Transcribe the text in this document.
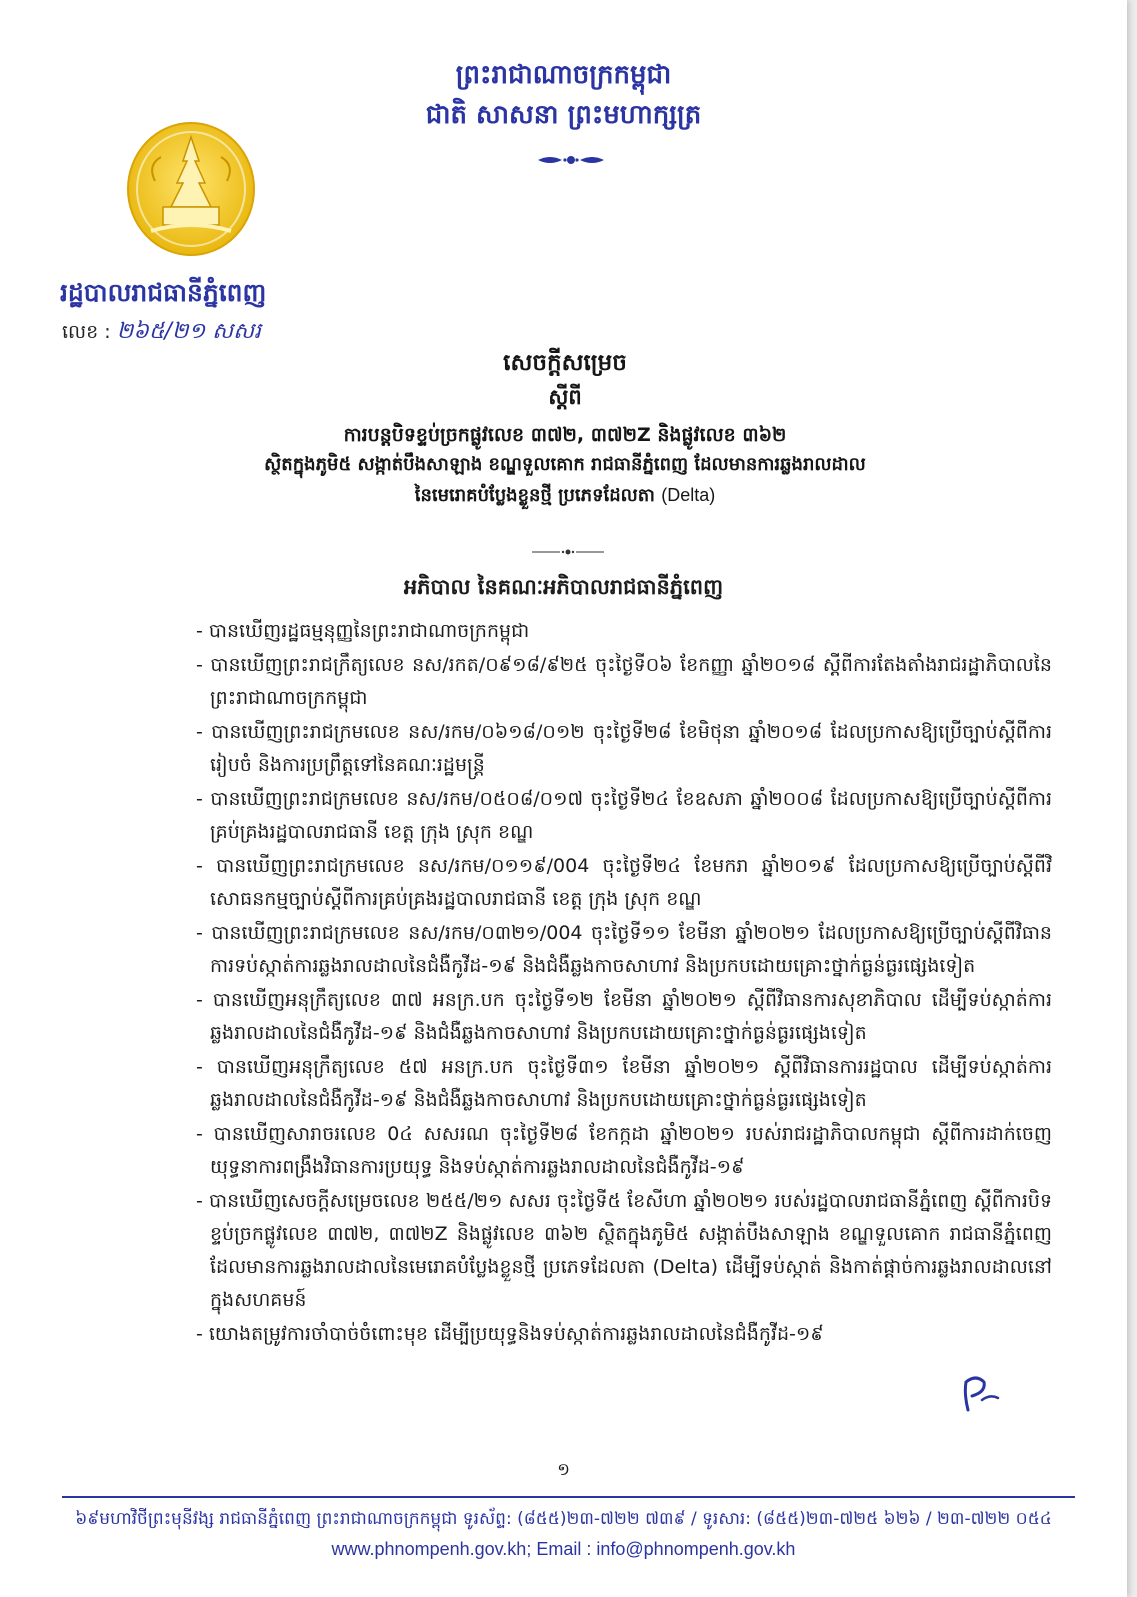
ព្រះរាជាណាចក្រកម្ពុជា
ជាតិ សាសនា ព្រះមហាក្សត្រ
រដ្ឋបាលរាជធានីភ្នំពេញ
លេខ : ២៦៥/២១ សសរ
សេចក្តីសម្រេច
ស្តីពី
ការបន្តបិទខ្ទប់ច្រកផ្លូវលេខ ៣៧២, ៣៧២Z និងផ្លូវលេខ ៣៦២
ស្ថិតក្នុងភូមិ៥ សង្កាត់បឹងសាឡាង ខណ្ឌទួលគោក រាជធានីភ្នំពេញ ដែលមានការឆ្លងរាលដាល
នៃមេរោគបំប្លែងខ្លួនថ្មី ប្រភេទដែលតា (Delta)
អភិបាល នៃគណៈអភិបាលរាជធានីភ្នំពេញ
- បានឃើញរដ្ឋធម្មនុញ្ញនៃព្រះរាជាណាចក្រកម្ពុជា
- បានឃើញព្រះរាជក្រឹត្យលេខ នស/រកត/០៩១៨/៩២៥ ចុះថ្ងៃទី០៦ ខែកញ្ញា ឆ្នាំ២០១៨ ស្តីពីការតែងតាំងរាជរដ្ឋាភិបាលនៃព្រះរាជាណាចក្រកម្ពុជា
- បានឃើញព្រះរាជក្រមលេខ នស/រកម/០៦១៨/០១២ ចុះថ្ងៃទី២៨ ខែមិថុនា ឆ្នាំ២០១៨ ដែលប្រកាសឱ្យប្រើច្បាប់ស្តីពីការរៀបចំ និងការប្រព្រឹត្តទៅនៃគណៈរដ្ឋមន្ត្រី
- បានឃើញព្រះរាជក្រមលេខ នស/រកម/០៥០៨/០១៧ ចុះថ្ងៃទី២៤ ខែឧសភា ឆ្នាំ២០០៨ ដែលប្រកាសឱ្យប្រើច្បាប់ស្តីពីការគ្រប់គ្រងរដ្ឋបាលរាជធានី ខេត្ត ក្រុង ស្រុក ខណ្ឌ
- បានឃើញព្រះរាជក្រមលេខ នស/រកម/០១១៩/004 ចុះថ្ងៃទី២៤ ខែមករា ឆ្នាំ២០១៩ ដែលប្រកាសឱ្យប្រើច្បាប់ស្តីពីវិសោធនកម្មច្បាប់ស្តីពីការគ្រប់គ្រងរដ្ឋបាលរាជធានី ខេត្ត ក្រុង ស្រុក ខណ្ឌ
- បានឃើញព្រះរាជក្រមលេខ នស/រកម/០៣២១/004 ចុះថ្ងៃទី១១ ខែមីនា ឆ្នាំ២០២១ ដែលប្រកាសឱ្យប្រើច្បាប់ស្តីពីវិធានការទប់ស្កាត់ការឆ្លងរាលដាលនៃជំងឺកូវីដ-១៩ និងជំងឺឆ្លងកាចសាហាវ និងប្រកបដោយគ្រោះថ្នាក់ធ្ងន់ធ្ងរផ្សេងទៀត
- បានឃើញអនុក្រឹត្យលេខ ៣៧ អនក្រ.បក ចុះថ្ងៃទី១២ ខែមីនា ឆ្នាំ២០២១ ស្តីពីវិធានការសុខាភិបាល ដើម្បីទប់ស្កាត់ការឆ្លងរាលដាលនៃជំងឺកូវីដ-១៩ និងជំងឺឆ្លងកាចសាហាវ និងប្រកបដោយគ្រោះថ្នាក់ធ្ងន់ធ្ងរផ្សេងទៀត
- បានឃើញអនុក្រឹត្យលេខ ៥៧ អនក្រ.បក ចុះថ្ងៃទី៣១ ខែមីនា ឆ្នាំ២០២១ ស្តីពីវិធានការរដ្ឋបាល ដើម្បីទប់ស្កាត់ការឆ្លងរាលដាលនៃជំងឺកូវីដ-១៩ និងជំងឺឆ្លងកាចសាហាវ និងប្រកបដោយគ្រោះថ្នាក់ធ្ងន់ធ្ងរផ្សេងទៀត
- បានឃើញសារាចរលេខ 0៤ សសរណ ចុះថ្ងៃទី២៨ ខែកក្កដា ឆ្នាំ២០២១ របស់រាជរដ្ឋាភិបាលកម្ពុជា ស្តីពីការដាក់ចេញយុទ្ធនាការពង្រឹងវិធានការប្រយុទ្ធ និងទប់ស្កាត់ការឆ្លងរាលដាលនៃជំងឺកូវីដ-១៩
- បានឃើញសេចក្តីសម្រេចលេខ ២៥៥/២១ សសរ ចុះថ្ងៃទី៥ ខែសីហា ឆ្នាំ២០២១ របស់រដ្ឋបាលរាជធានីភ្នំពេញ ស្តីពីការបិទខ្ទប់ច្រកផ្លូវលេខ ៣៧២, ៣៧២Z និងផ្លូវលេខ ៣៦២ ស្ថិតក្នុងភូមិ៥ សង្កាត់បឹងសាឡាង ខណ្ឌទួលគោក រាជធានីភ្នំពេញ ដែលមានការឆ្លងរាលដាលនៃមេរោគបំប្លែងខ្លួនថ្មី ប្រភេទដែលតា (Delta) ដើម្បីទប់ស្កាត់ និងកាត់ផ្តាច់ការឆ្លងរាលដាលនៅក្នុងសហគមន៍
- យោងតម្រូវការចាំបាច់ចំពោះមុខ ដើម្បីប្រយុទ្ធនិងទប់ស្កាត់ការឆ្លងរាលដាលនៃជំងឺកូវីដ-១៩
១
៦៩មហាវិថីព្រះមុនីវង្ស រាជធានីភ្នំពេញ ព្រះរាជាណាចក្រកម្ពុជា ទូរស័ព្ទ: (៨៥៥)២៣-៧២២ ៧៣៩ / ទូរសារ: (៨៥៥)២៣-៧២៥ ៦២៦ / ២៣-៧២២ ០៥៤
www.phnompenh.gov.kh; Email : info@phnompenh.gov.kh
